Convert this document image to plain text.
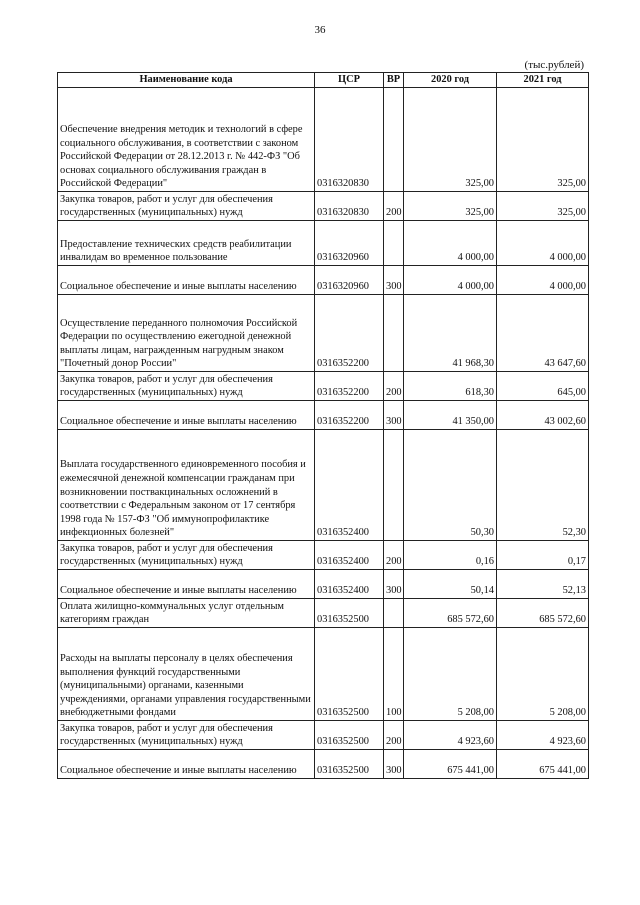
36
(тыс.рублей)
Наименование кода	ЦСР	ВР	2020 год	2021 год
Обеспечение внедрения методик и технологий в сфере социального обслуживания, в соответствии с законом Российской Федерации от 28.12.2013 г. № 442-ФЗ "Об основах социального обслуживания граждан в Российской Федерации"	0316320830		325,00	325,00
Закупка товаров, работ и услуг для обеспечения государственных (муниципальных) нужд	0316320830	200	325,00	325,00
Предоставление технических средств реабилитации инвалидам во временное пользование	0316320960		4 000,00	4 000,00
Социальное обеспечение и иные выплаты населению	0316320960	300	4 000,00	4 000,00
Осуществление переданного полномочия Российской Федерации по осуществлению ежегодной денежной выплаты лицам, награжденным нагрудным знаком "Почетный донор России"	0316352200		41 968,30	43 647,60
Закупка товаров, работ и услуг для обеспечения государственных (муниципальных) нужд	0316352200	200	618,30	645,00
Социальное обеспечение и иные выплаты населению	0316352200	300	41 350,00	43 002,60
Выплата государственного единовременного пособия и ежемесячной денежной компенсации гражданам при возникновении поствакцинальных осложнений в соответствии с Федеральным законом от 17 сентября 1998 года № 157-ФЗ "Об иммунопрофилактике инфекционных болезней"	0316352400		50,30	52,30
Закупка товаров, работ и услуг для обеспечения государственных (муниципальных) нужд	0316352400	200	0,16	0,17
Социальное обеспечение и иные выплаты населению	0316352400	300	50,14	52,13
Оплата жилищно-коммунальных услуг отдельным категориям граждан	0316352500		685 572,60	685 572,60
Расходы на выплаты персоналу в целях обеспечения выполнения функций государственными (муниципальными) органами, казенными учреждениями, органами управления государственными внебюджетными фондами	0316352500	100	5 208,00	5 208,00
Закупка товаров, работ и услуг для обеспечения государственных (муниципальных) нужд	0316352500	200	4 923,60	4 923,60
Социальное обеспечение и иные выплаты населению	0316352500	300	675 441,00	675 441,00
